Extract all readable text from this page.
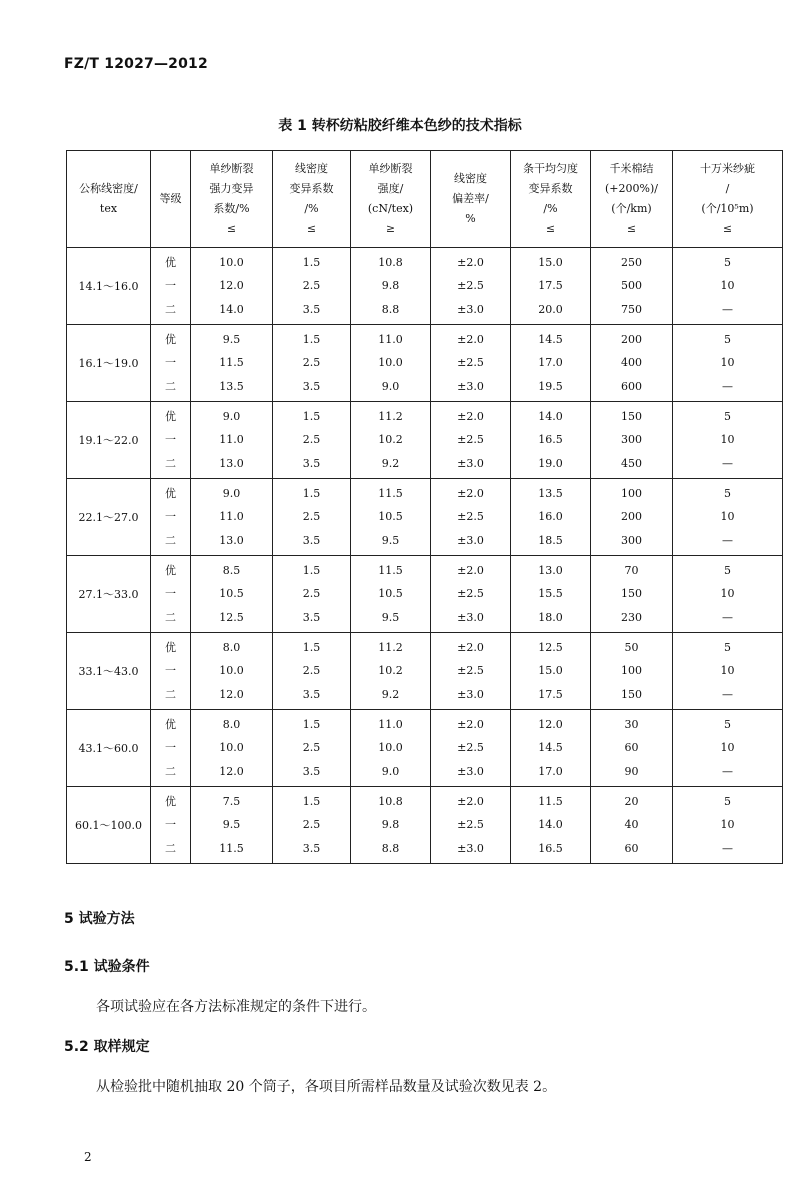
FZ/T 12027—2012
表 1 转杯纺粘胶纤维本色纱的技术指标
公称线密度/
tex	等级	单纱断裂
强力变异
系数/%
≤	线密度
变异系数
/%
≤	单纱断裂
强度/
(cN/tex)
≥	线密度
偏差率/
%	条干均匀度
变异系数
/%
≤	千米棉结
(+200%)/
(个/km)
≤	十万米纱疵
/
(个/10⁵m)
≤

14.1～16.0	优
一
二	10.0
12.0
14.0	1.5
2.5
3.5	10.8
9.8
8.8	±2.0
±2.5
±3.0	15.0
17.5
20.0	250
500
750	5
10
—

16.1～19.0	优
一
二	9.5
11.5
13.5	1.5
2.5
3.5	11.0
10.0
9.0	±2.0
±2.5
±3.0	14.5
17.0
19.5	200
400
600	5
10
—

19.1～22.0	优
一
二	9.0
11.0
13.0	1.5
2.5
3.5	11.2
10.2
9.2	±2.0
±2.5
±3.0	14.0
16.5
19.0	150
300
450	5
10
—

22.1～27.0	优
一
二	9.0
11.0
13.0	1.5
2.5
3.5	11.5
10.5
9.5	±2.0
±2.5
±3.0	13.5
16.0
18.5	100
200
300	5
10
—

27.1～33.0	优
一
二	8.5
10.5
12.5	1.5
2.5
3.5	11.5
10.5
9.5	±2.0
±2.5
±3.0	13.0
15.5
18.0	70
150
230	5
10
—

33.1～43.0	优
一
二	8.0
10.0
12.0	1.5
2.5
3.5	11.2
10.2
9.2	±2.0
±2.5
±3.0	12.5
15.0
17.5	50
100
150	5
10
—

43.1～60.0	优
一
二	8.0
10.0
12.0	1.5
2.5
3.5	11.0
10.0
9.0	±2.0
±2.5
±3.0	12.0
14.5
17.0	30
60
90	5
10
—

60.1～100.0	优
一
二	7.5
9.5
11.5	1.5
2.5
3.5	10.8
9.8
8.8	±2.0
±2.5
±3.0	11.5
14.0
16.5	20
40
60	5
10
—
5 试验方法
5.1 试验条件
各项试验应在各方法标准规定的条件下进行。
5.2 取样规定
从检验批中随机抽取 20 个筒子，各项目所需样品数量及试验次数见表 2。
2
